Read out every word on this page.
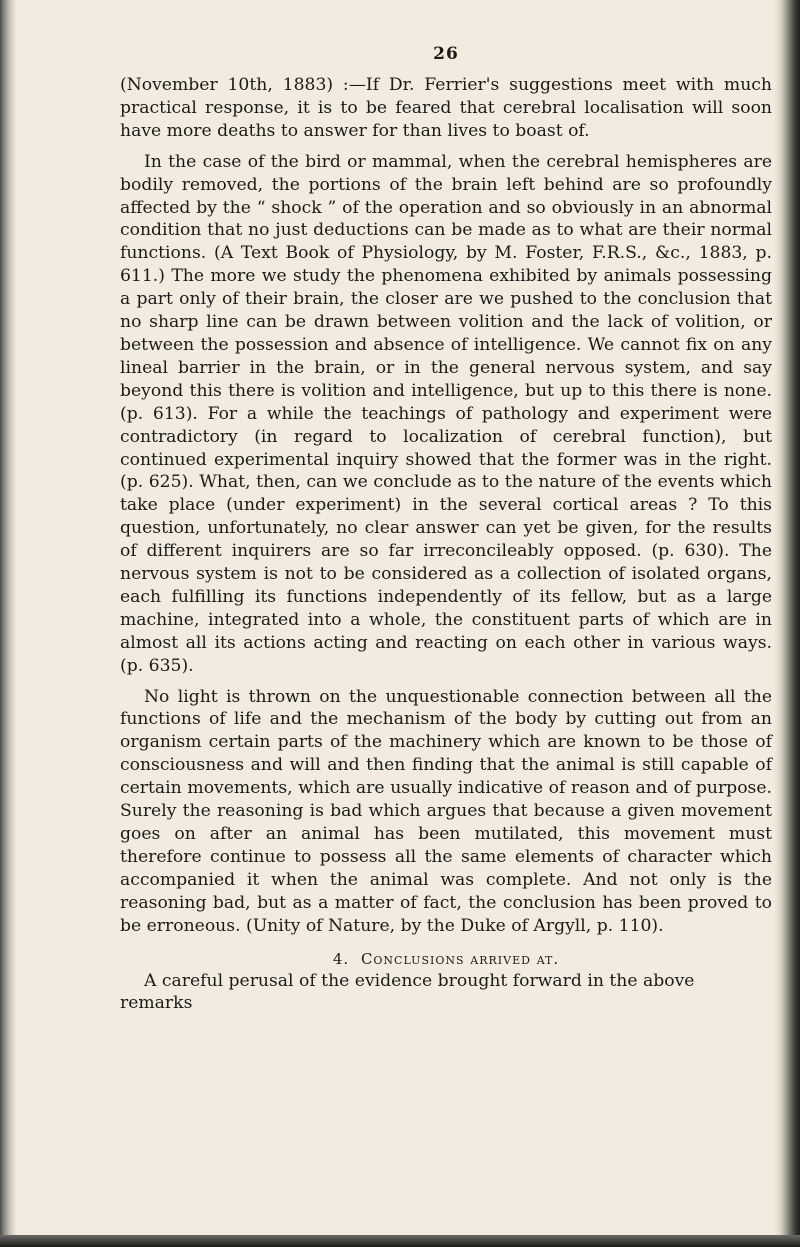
26

(November 10th, 1883) :—If Dr. Ferrier's suggestions meet with much practical response, it is to be feared that cerebral localisation will soon have more deaths to answer for than lives to boast of.

In the case of the bird or mammal, when the cerebral hemispheres are bodily removed, the portions of the brain left behind are so profoundly affected by the “ shock ” of the operation and so obviously in an abnormal condition that no just deductions can be made as to what are their normal functions. (A Text Book of Physiology, by M. Foster, F.R.S., &c., 1883, p. 611.) The more we study the phenomena exhibited by animals possessing a part only of their brain, the closer are we pushed to the conclusion that no sharp line can be drawn between volition and the lack of volition, or between the possession and absence of intelligence. We cannot fix on any lineal barrier in the brain, or in the general nervous system, and say beyond this there is volition and intelligence, but up to this there is none. (p. 613). For a while the teachings of pathology and experiment were contradictory (in regard to localization of cerebral function), but continued experimental inquiry showed that the former was in the right. (p. 625). What, then, can we conclude as to the nature of the events which take place (under experiment) in the several cortical areas ? To this question, unfortunately, no clear answer can yet be given, for the results of different inquirers are so far irreconcileably opposed. (p. 630). The nervous system is not to be considered as a collection of isolated organs, each fulfilling its functions independently of its fellow, but as a large machine, integrated into a whole, the constituent parts of which are in almost all its actions acting and reacting on each other in various ways. (p. 635).

No light is thrown on the unquestionable connection between all the functions of life and the mechanism of the body by cutting out from an organism certain parts of the machinery which are known to be those of consciousness and will and then finding that the animal is still capable of certain movements, which are usually indicative of reason and of purpose. Surely the reasoning is bad which argues that because a given movement goes on after an animal has been mutilated, this movement must therefore continue to possess all the same elements of character which accompanied it when the animal was complete. And not only is the reasoning bad, but as a matter of fact, the conclusion has been proved to be erroneous. (Unity of Nature, by the Duke of Argyll, p. 110).

4. Conclusions arrived at.

A careful perusal of the evidence brought forward in the above remarks
